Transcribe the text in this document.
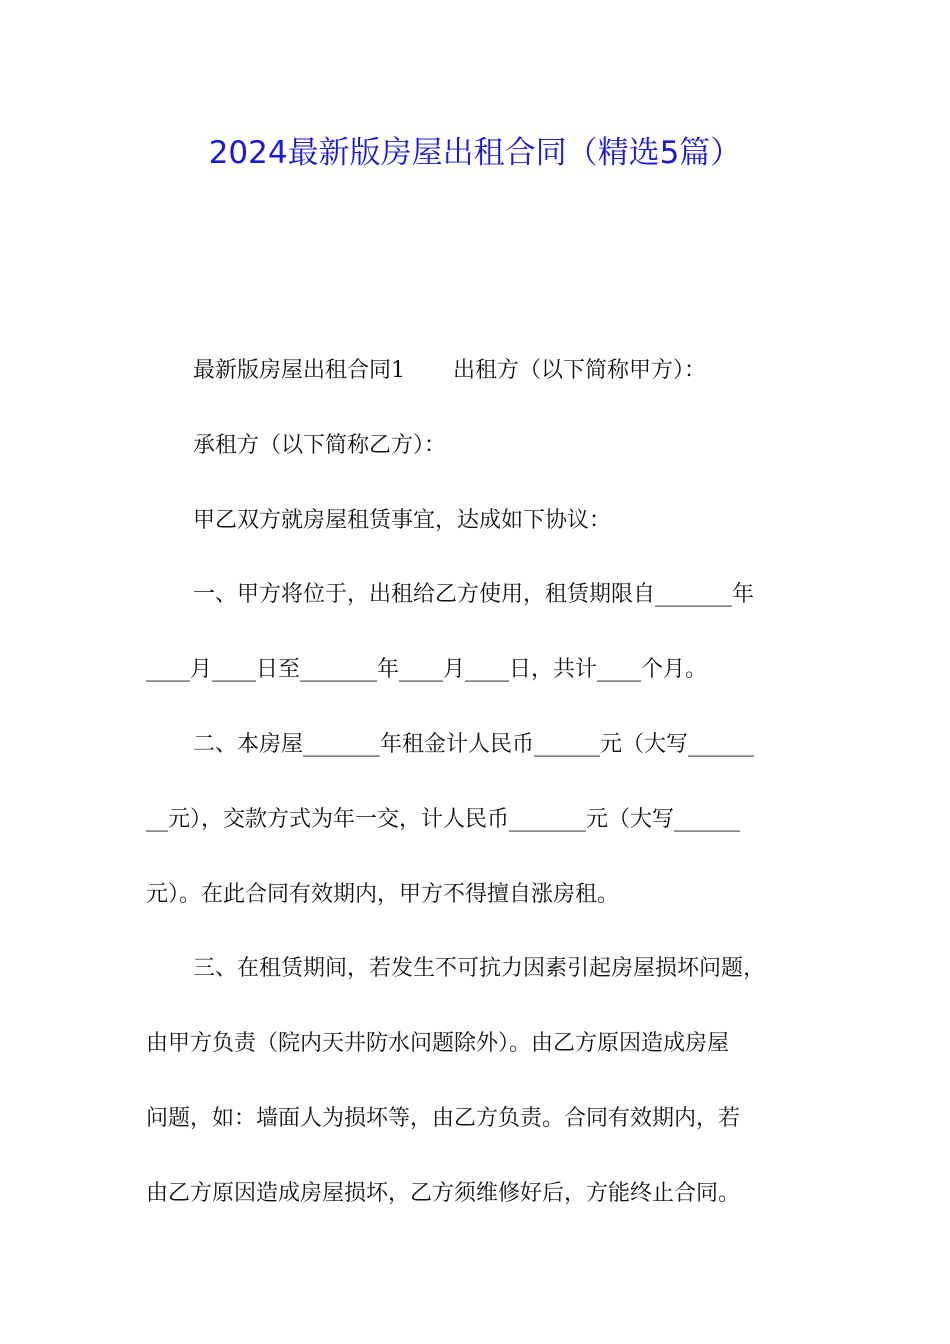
2024最新版房屋出租合同（精选5篇）
最新版房屋出租合同1 出租方（以下简称甲方）：
承租方（以下简称乙方）：
甲乙双方就房屋租赁事宜，达成如下协议：
一、甲方将位于，出租给乙方使用，租赁期限自_______年
____月____日至_______年____月____日，共计____个月。
二、本房屋_______年租金计人民币______元（大写______
__元），交款方式为年一交，计人民币_______元（大写______
元）。在此合同有效期内，甲方不得擅自涨房租。
三、在租赁期间，若发生不可抗力因素引起房屋损坏问题，
由甲方负责（院内天井防水问题除外）。由乙方原因造成房屋
问题，如：墙面人为损坏等，由乙方负责。合同有效期内，若
由乙方原因造成房屋损坏，乙方须维修好后，方能终止合同。
